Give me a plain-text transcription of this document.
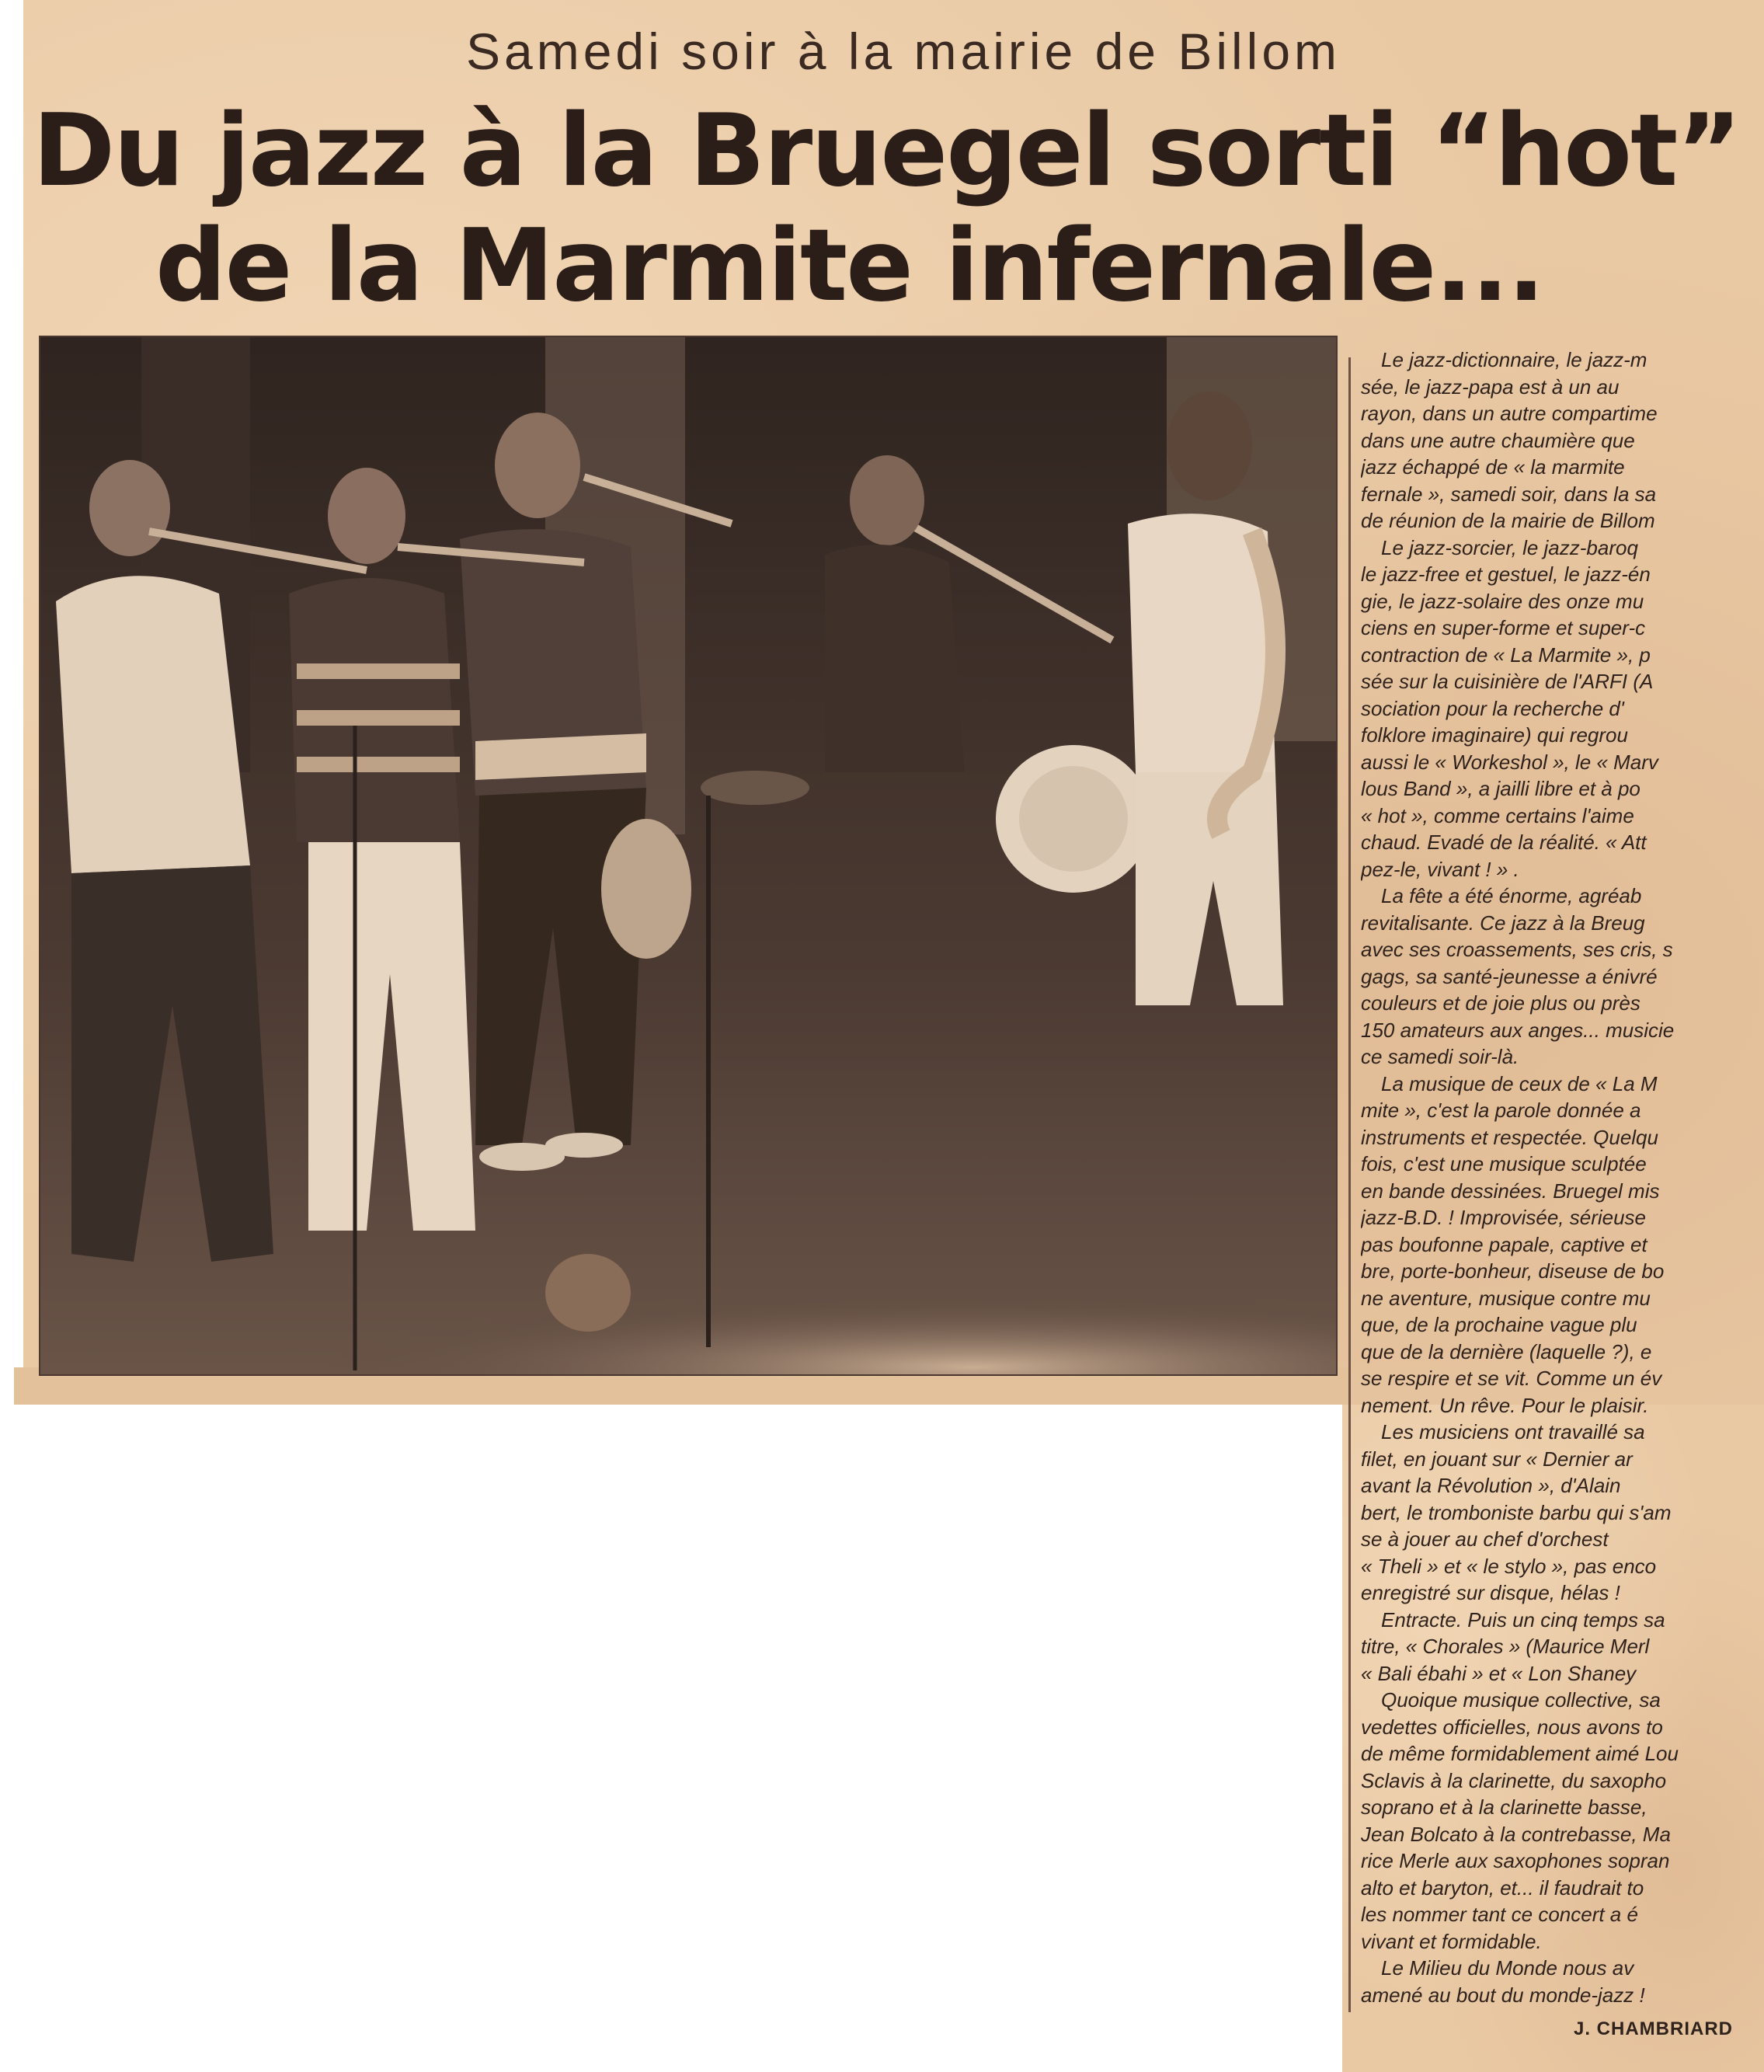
Samedi soir à la mairie de Billom
Du jazz à la Bruegel sorti “hot”
de la Marmite infernale...
Le jazz-dictionnaire, le jazz-m
sée, le jazz-papa est à un au
rayon, dans un autre compartime
dans une autre chaumière que
jazz échappé de « la marmite
fernale », samedi soir, dans la sa
de réunion de la mairie de Billom
Le jazz-sorcier, le jazz-baroq
le jazz-free et gestuel, le jazz-én
gie, le jazz-solaire des onze mu
ciens en super-forme et super-c
contraction de « La Marmite », p
sée sur la cuisinière de l'ARFI (A
sociation pour la recherche d'
folklore imaginaire) qui regrou
aussi le « Workeshol », le « Marv
lous Band », a jailli libre et à po
« hot », comme certains l'aime
chaud. Evadé de la réalité. « Att
pez-le, vivant ! » .
La fête a été énorme, agréab
revitalisante. Ce jazz à la Breug
avec ses croassements, ses cris, s
gags, sa santé-jeunesse a énivré
couleurs et de joie plus ou près
150 amateurs aux anges... musicie
ce samedi soir-là.
La musique de ceux de « La M
mite », c'est la parole donnée a
instruments et respectée. Quelqu
fois, c'est une musique sculptée
en bande dessinées. Bruegel mis
jazz-B.D. ! Improvisée, sérieuse
pas boufonne papale, captive et
bre, porte-bonheur, diseuse de bo
ne aventure, musique contre mu
que, de la prochaine vague plu
que de la dernière (laquelle ?), e
se respire et se vit. Comme un év
nement. Un rêve. Pour le plaisir.
Les musiciens ont travaillé sa
filet, en jouant sur « Dernier ar
avant la Révolution », d'Alain
bert, le tromboniste barbu qui s'am
se à jouer au chef d'orchest
« Theli » et « le stylo », pas enco
enregistré sur disque, hélas !
Entracte. Puis un cinq temps sa
titre, « Chorales » (Maurice Merl
« Bali ébahi » et « Lon Shaney
Quoique musique collective, sa
vedettes officielles, nous avons to
de même formidablement aimé Lou
Sclavis à la clarinette, du saxopho
soprano et à la clarinette basse,
Jean Bolcato à la contrebasse, Ma
rice Merle aux saxophones sopran
alto et baryton, et... il faudrait to
les nommer tant ce concert a é
vivant et formidable.
Le Milieu du Monde nous av
amené au bout du monde-jazz !
J. CHAMBRIARD
